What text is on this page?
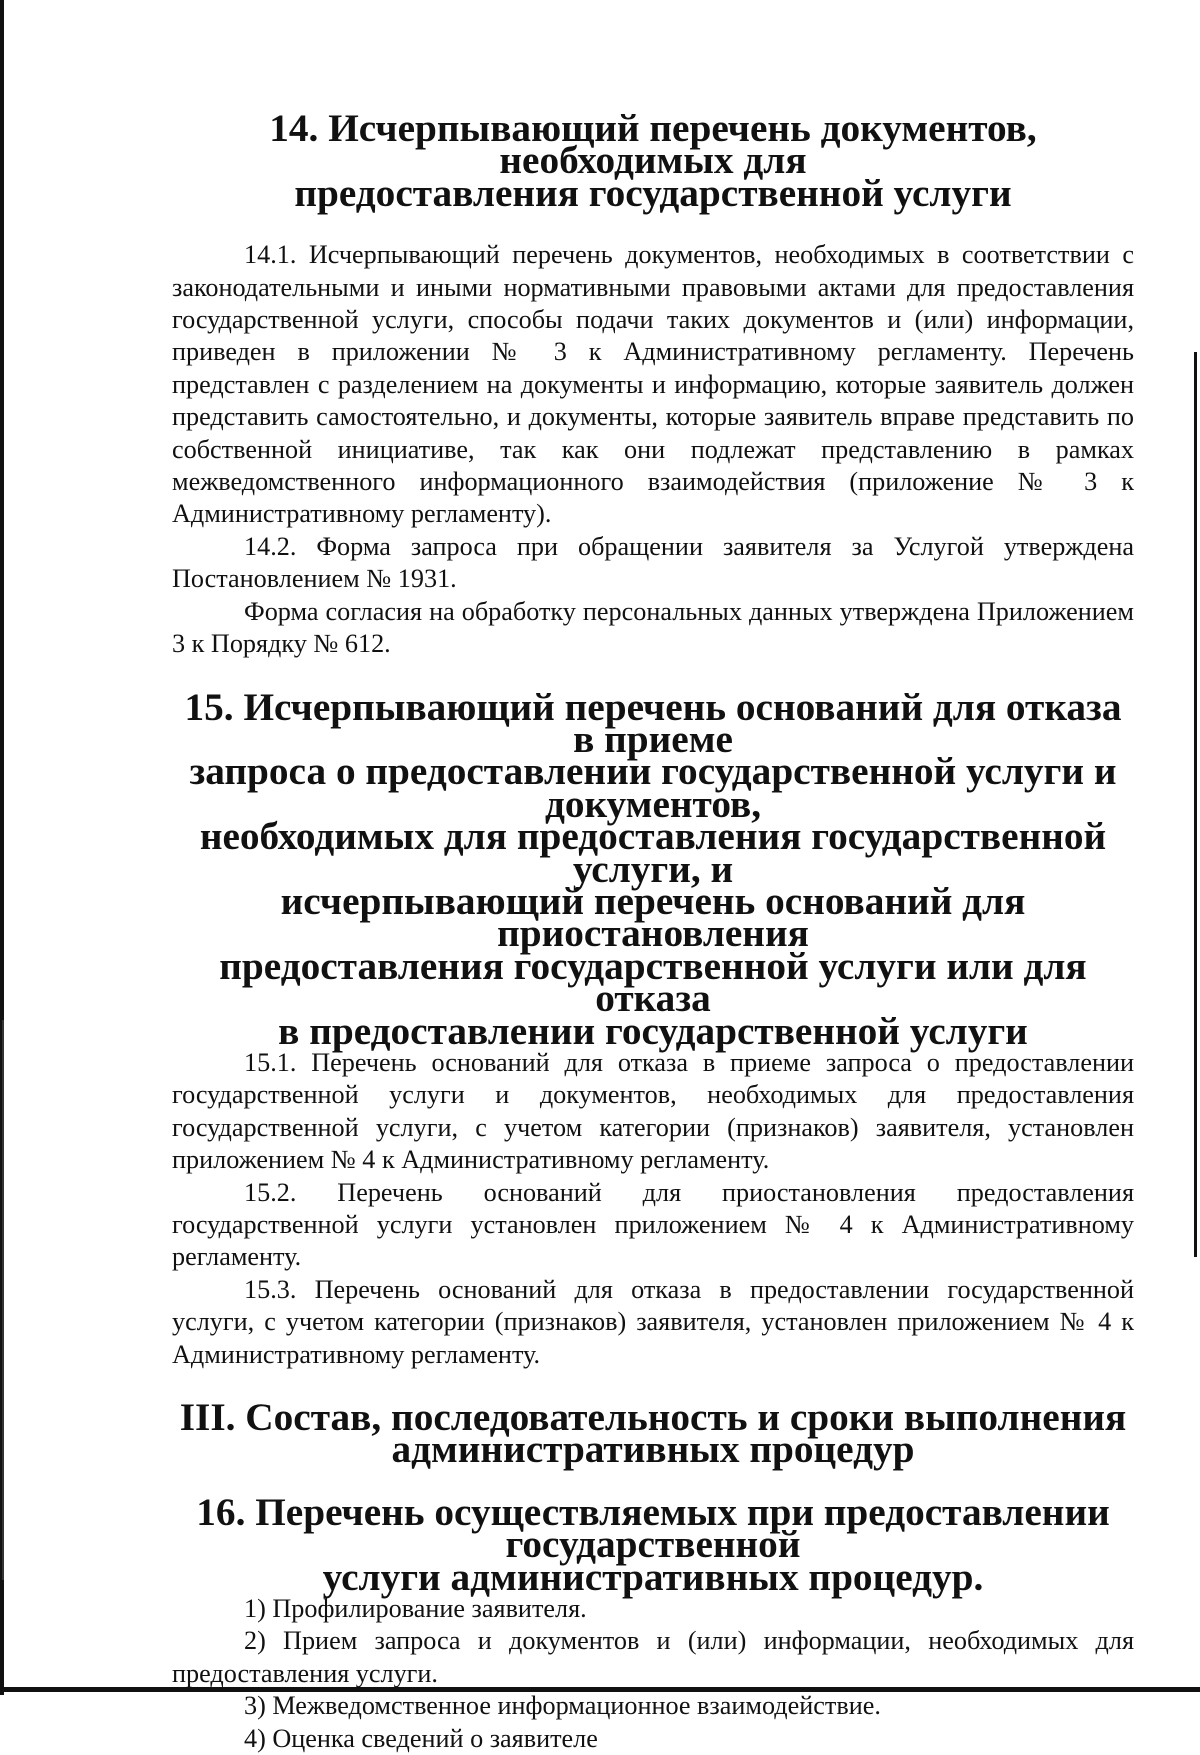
14. Исчерпывающий перечень документов, необходимых для
предоставления государственной услуги

14.1. Исчерпывающий перечень документов, необходимых в соответствии с законодательными и иными нормативными правовыми актами для предоставления государственной услуги, способы подачи таких документов и (или) информации, приведен в приложении № 3 к Административному регламенту. Перечень представлен с разделением на документы и информацию, которые заявитель должен представить самостоятельно, и документы, которые заявитель вправе представить по собственной инициативе, так как они подлежат представлению в рамках межведомственного информационного взаимодействия (приложение № 3 к Административному регламенту).

14.2. Форма запроса при обращении заявителя за Услугой утверждена Постановлением № 1931.

Форма согласия на обработку персональных данных утверждена Приложением 3 к Порядку № 612.

15. Исчерпывающий перечень оснований для отказа в приеме
запроса о предоставлении государственной услуги и документов,
необходимых для предоставления государственной услуги, и
исчерпывающий перечень оснований для приостановления
предоставления государственной услуги или для отказа
в предоставлении государственной услуги

15.1. Перечень оснований для отказа в приеме запроса о предоставлении государственной услуги и документов, необходимых для предоставления государственной услуги, с учетом категории (признаков) заявителя, установлен приложением № 4 к Административному регламенту.

15.2. Перечень оснований для приостановления предоставления государственной услуги установлен приложением № 4 к Административному регламенту.

15.3. Перечень оснований для отказа в предоставлении государственной услуги, с учетом категории (признаков) заявителя, установлен приложением № 4 к Административному регламенту.

III. Состав, последовательность и сроки выполнения
административных процедур
16. Перечень осуществляемых при предоставлении государственной
услуги административных процедур.

1) Профилирование заявителя.

2) Прием запроса и документов и (или) информации, необходимых для предоставления услуги.

3) Межведомственное информационное взаимодействие.

4) Оценка сведений о заявителе
